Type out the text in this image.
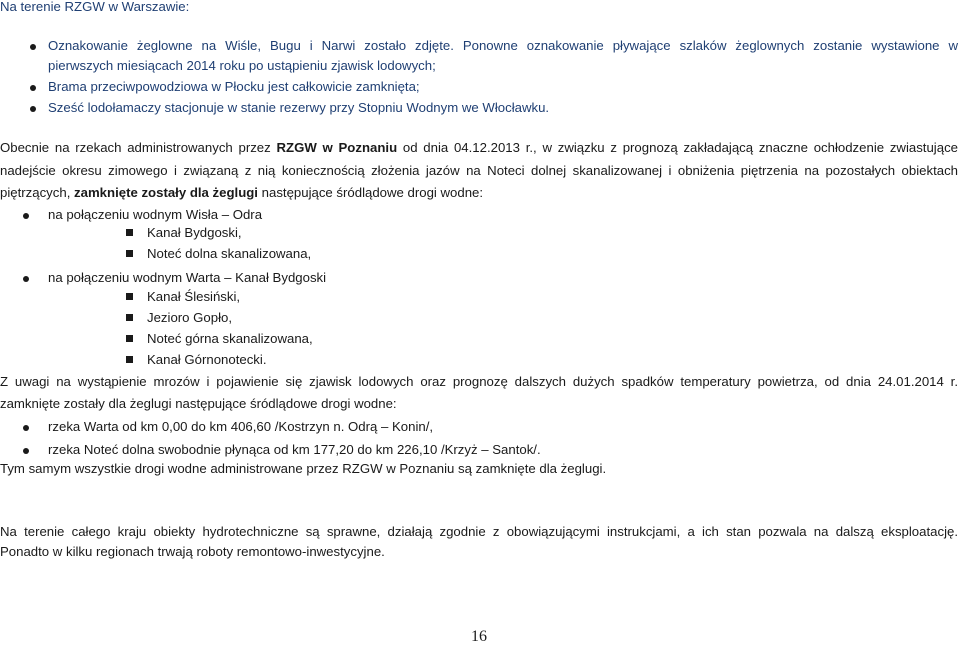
Na terenie RZGW w Warszawie:
Oznakowanie żeglowne na Wiśle, Bugu i Narwi zostało zdjęte. Ponowne oznakowanie pływające szlaków żeglownych zostanie wystawione w
pierwszych miesiącach 2014 roku po ustąpieniu zjawisk lodowych;
Brama przeciwpowodziowa w Płocku jest całkowicie zamknięta;
Sześć lodołamaczy stacjonuje w stanie rezerwy przy Stopniu Wodnym we Włocławku.
Obecnie na rzekach administrowanych przez RZGW w Poznaniu od dnia 04.12.2013 r., w związku z prognozą zakładającą znaczne ochłodzenie zwiastujące
nadejście okresu zimowego i związaną z nią koniecznością złożenia jazów na Noteci dolnej skanalizowanej i obniżenia piętrzenia na pozostałych obiektach
piętrzących, zamknięte zostały dla żeglugi następujące śródlądowe drogi wodne:
na połączeniu wodnym Wisła – Odra
Kanał Bydgoski,
Noteć dolna skanalizowana,
na połączeniu wodnym Warta – Kanał Bydgoski
Kanał Ślesiński,
Jezioro Gopło,
Noteć górna skanalizowana,
Kanał Górnonotecki.
Z uwagi na wystąpienie mrozów i pojawienie się zjawisk lodowych oraz prognozę dalszych dużych spadków temperatury powietrza, od dnia 24.01.2014 r.
zamknięte zostały dla żeglugi następujące śródlądowe drogi wodne:
rzeka Warta od km 0,00 do km 406,60 /Kostrzyn n. Odrą – Konin/,
rzeka Noteć dolna swobodnie płynąca od km 177,20 do km 226,10 /Krzyż – Santok/.
Tym samym wszystkie drogi wodne administrowane przez RZGW w Poznaniu są zamknięte dla żeglugi.
Na terenie całego kraju obiekty hydrotechniczne są sprawne, działają zgodnie z obowiązującymi instrukcjami, a ich stan pozwala na dalszą eksploatację.
Ponadto w kilku regionach trwają roboty remontowo-inwestycyjne.
16
